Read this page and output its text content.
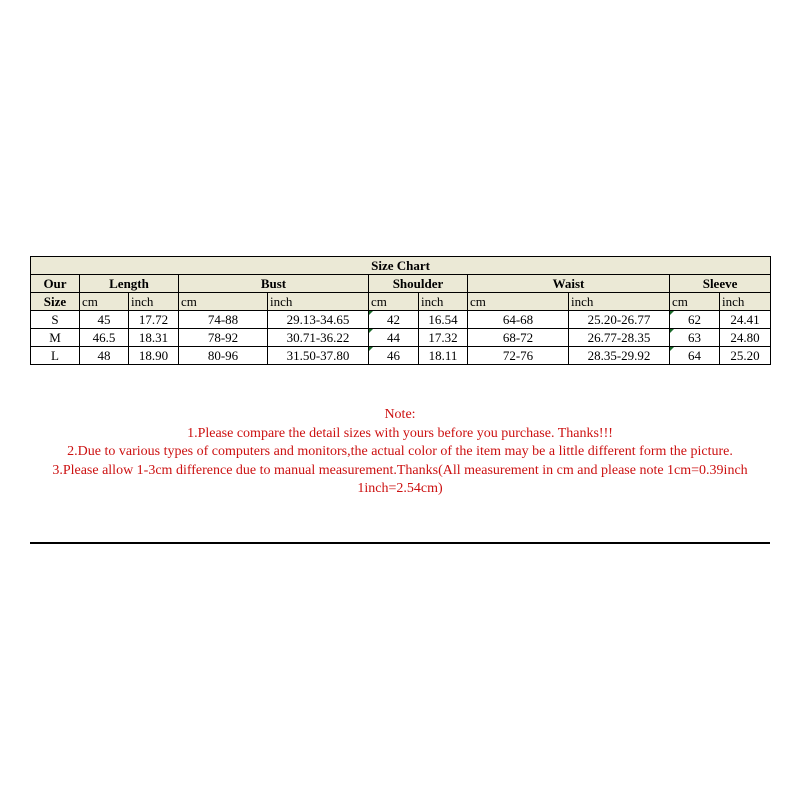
Size Chart										
Our	Length		Bust		Shoulder		Waist		Sleeve	
Size	cm	inch	cm	inch	cm	inch	cm	inch	cm	inch
S	45	17.72	74-88	29.13-34.65	42	16.54	64-68	25.20-26.77	62	24.41
M	46.5	18.31	78-92	30.71-36.22	44	17.32	68-72	26.77-28.35	63	24.80
L	48	18.90	80-96	31.50-37.80	46	18.11	72-76	28.35-29.92	64	25.20
Note:
1.Please compare the detail sizes with yours before you purchase. Thanks!!!
2.Due to various types of computers and monitors,the actual color of the item may be a little different form the picture.
3.Please allow 1-3cm difference due to manual measurement.Thanks(All measurement in cm and please note 1cm=0.39inch
1inch=2.54cm)
